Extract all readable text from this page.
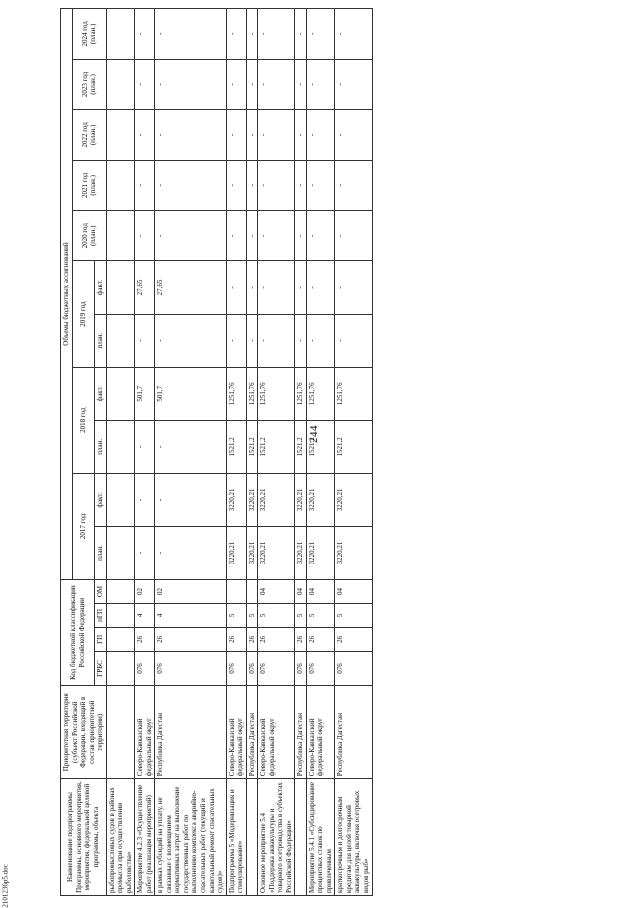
244
2101236р5.doc
Наименование подпрограммы Программы, основного мероприятия, мероприятия, федеральной целевой программы, объекта	Приоритетная территория (субъект Российской Федерации, входящий в состав приоритетной территории)	Код бюджетной классификации Российской Федерации				Объемы бюджетных ассигнований										
						2017 год		2018 год		2019 год		2020 год (план.)	2021 год (план.)	2022 год (план.)	2023 год (план.)	2024 год (план.)
		ГРБС	ГП	пГП	ОМ	план.	факт.	план.	факт.	план.	факт.					
рыбопромысловых судов в районах промысла при осуществлении рыболовства»																
Мероприятие 4.2.3 «Осуществление работ (реализация мероприятий)	Северо-Кавказский федеральный округ	076	26	4	02	-	-	-	501,7	-	27,65	-	-	-	-	-
в рамках субсидий на уплату, не связанные с возмещением нормативных затрат на выполнение государственных работ по выполнению комплекса аварийно-спасательных работ (текущий и капитальный ремонт спасательных судов)»	Республика Дагестан	076	26	4	02	-	-	-	501,7	-	27,65	-	-	-	-	-
Подпрограмма 5 «Модернизация и стимулирование»	Северо-Кавказский федеральный округ	076	26	5		3220,21	3220,21	1521,2	1251,76	-	-	-	-	-	-	-
	Республика Дагестан	076	26	5		3220,21	3220,21	1521,2	1251,76	-	-	-	-	-	-	-
Основное мероприятие 5.4 «Поддержка аквакультуры и товарного осетроводства в субъектах Российской Федерации»	Северо-Кавказский федеральный округ	076	26	5	04	3220,21	3220,21	1521,2	1251,76	-	-	-	-	-	-	-
	Республика Дагестан	076	26	5	04	3220,21	3220,21	1521,2	1251,76	-	-	-	-	-	-	-
Мероприятие 5.4.1 «Субсидирование процентных ставок по привлеченным	Северо-Кавказский федеральный округ	076	26	5	04	3220,21	3220,21	1521,2	1251,76	-	-	-	-	-	-	-
краткосрочным и долгосрочным кредитам для целей товарной аквакультуры, включая осетровых видов рыб»	Республика Дагестан	076	26	5	04	3220,21	3220,21	1521,2	1251,76	-	-	-	-	-	-	-
